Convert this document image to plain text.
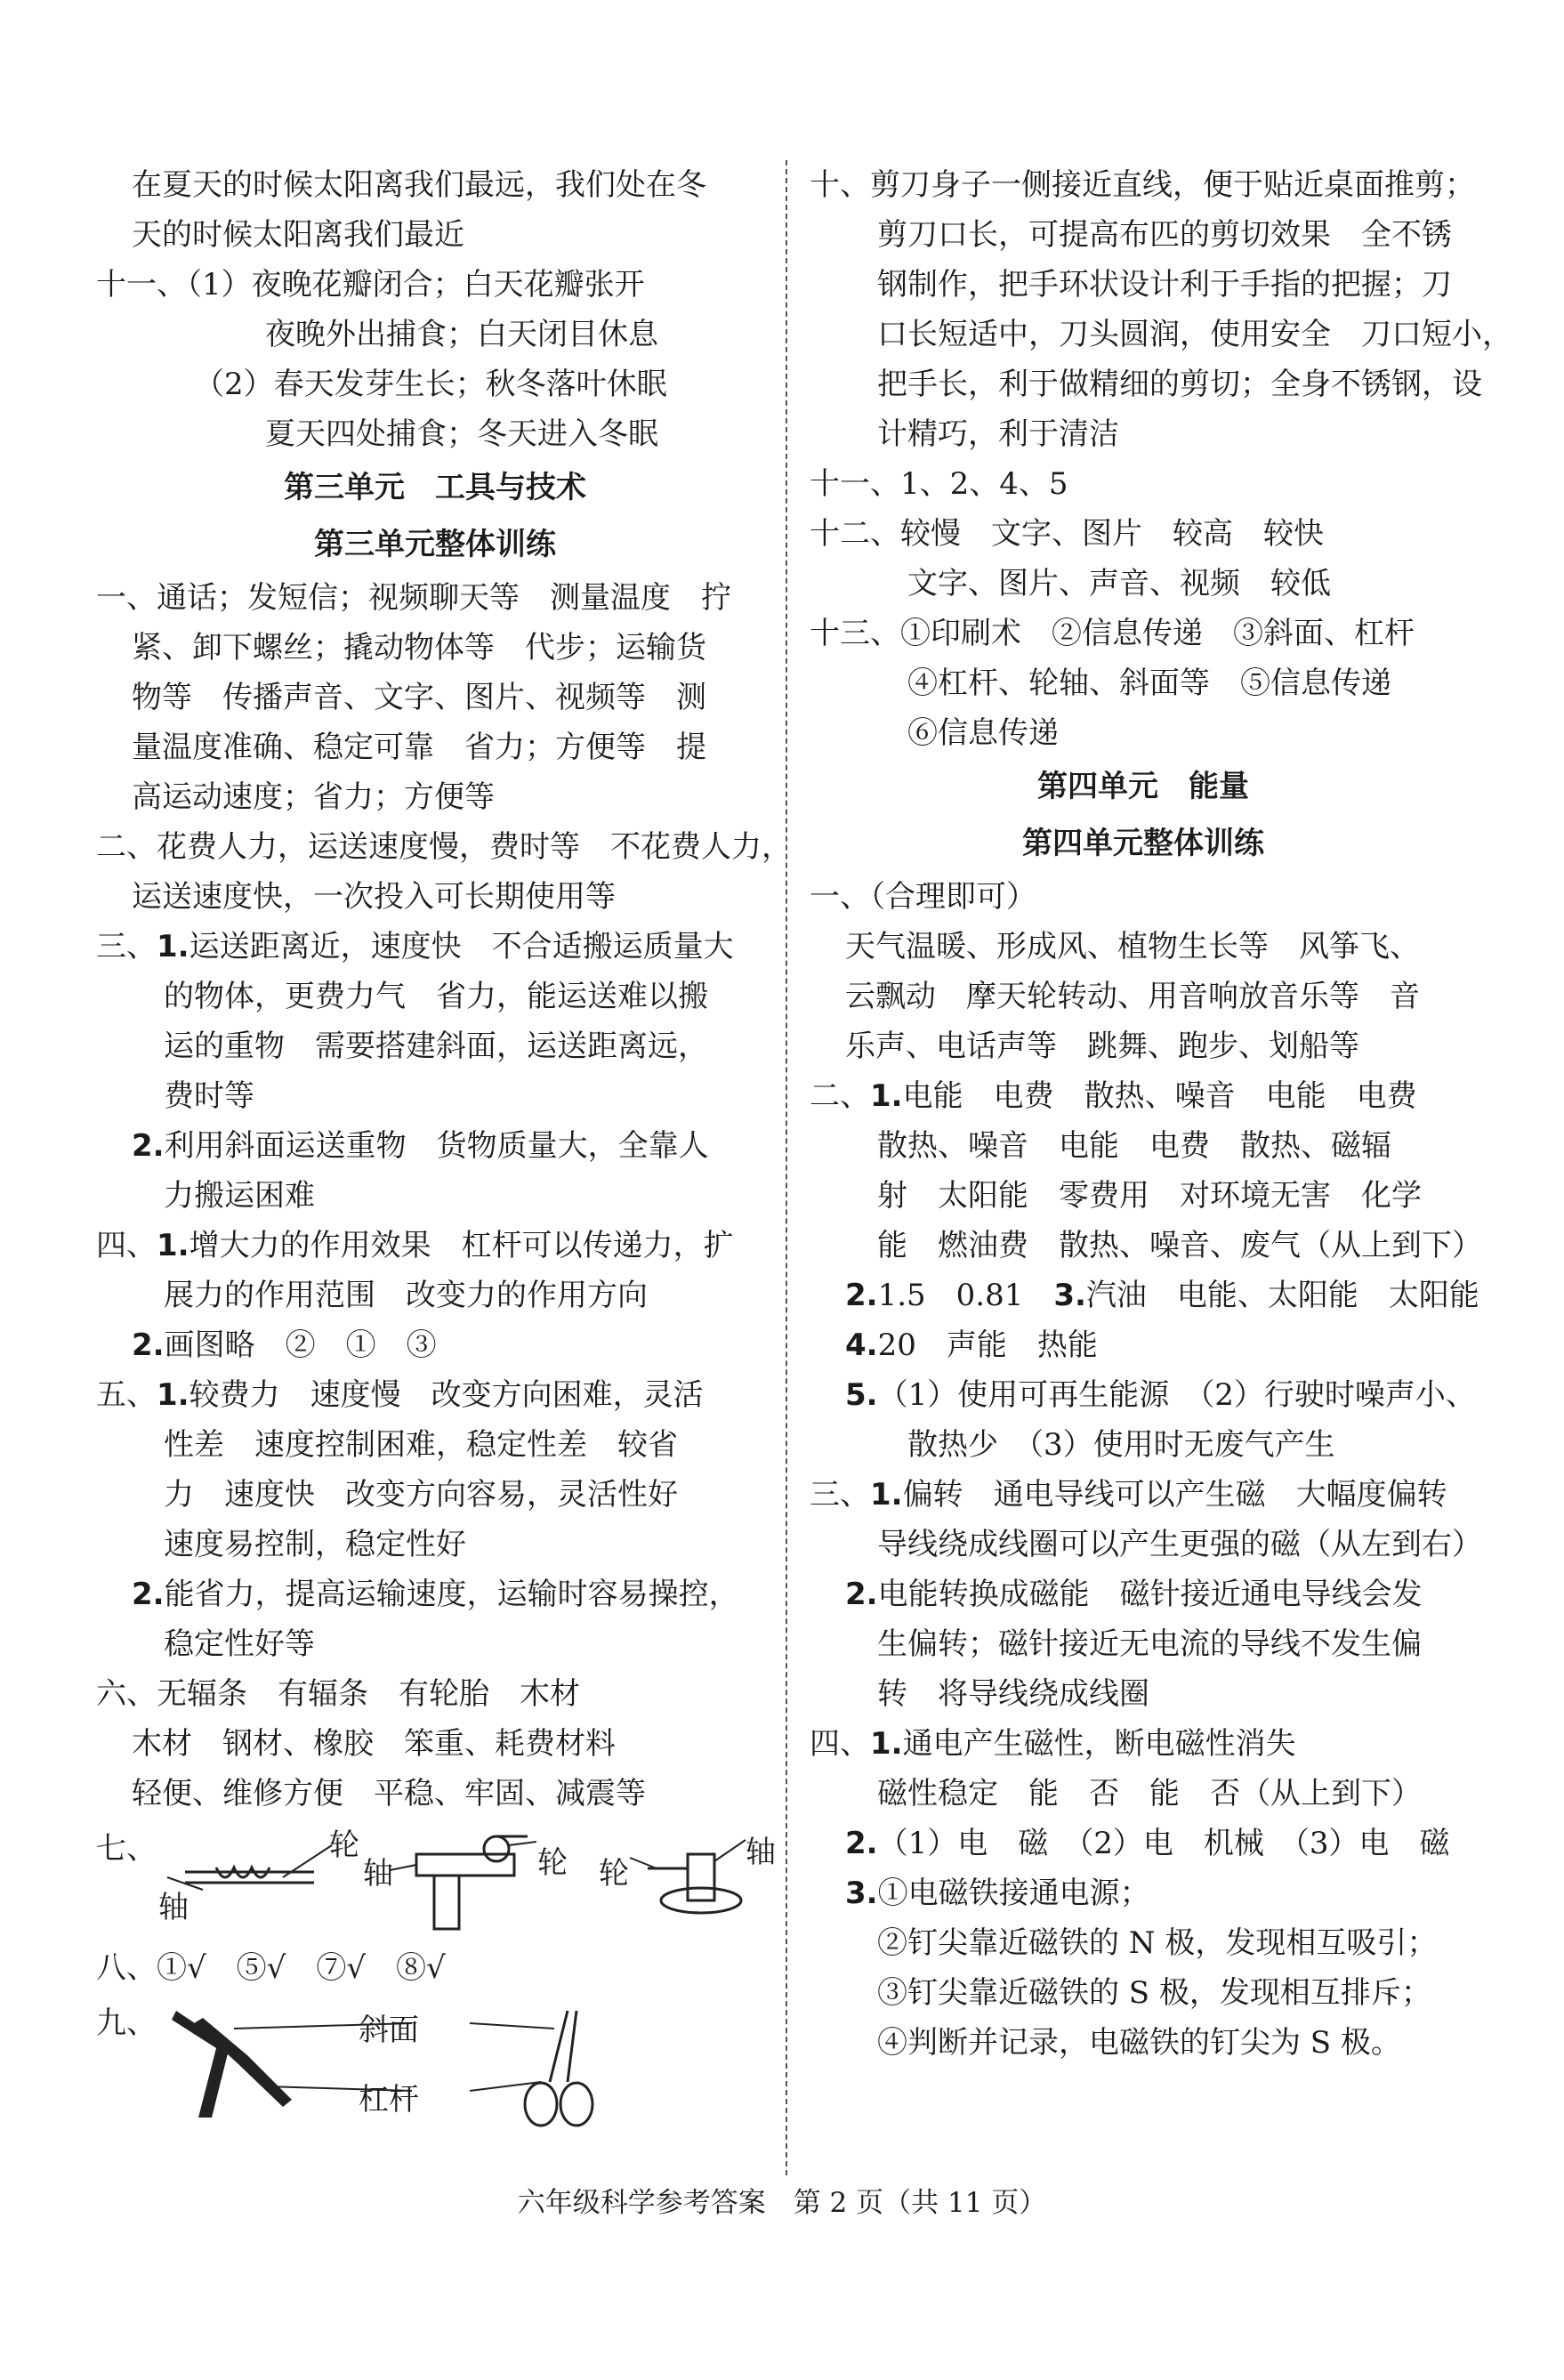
在夏天的时候太阳离我们最远，我们处在冬
天的时候太阳离我们最近
十一、（1）夜晚花瓣闭合；白天花瓣张开
夜晚外出捕食；白天闭目休息
（2）春天发芽生长；秋冬落叶休眠
夏天四处捕食；冬天进入冬眠
第三单元　工具与技术
第三单元整体训练
一、通话；发短信；视频聊天等　测量温度　拧
紧、卸下螺丝；撬动物体等　代步；运输货
物等　传播声音、文字、图片、视频等　测
量温度准确、稳定可靠　省力；方便等　提
高运动速度；省力；方便等
二、花费人力，运送速度慢，费时等　不花费人力，
运送速度快，一次投入可长期使用等
三、1.运送距离近，速度快　不合适搬运质量大
的物体，更费力气　省力，能运送难以搬
运的重物　需要搭建斜面，运送距离远，
费时等
2.利用斜面运送重物　货物质量大，全靠人
力搬运困难
四、1.增大力的作用效果　杠杆可以传递力，扩
展力的作用范围　改变力的作用方向
2.画图略　②　①　③
五、1.较费力　速度慢　改变方向困难，灵活
性差　速度控制困难，稳定性差　较省
力　速度快　改变方向容易，灵活性好
速度易控制，稳定性好
2.能省力，提高运输速度，运输时容易操控，
稳定性好等
六、无辐条　有辐条　有轮胎　木材
木材　钢材、橡胶　笨重、耗费材料
轻便、维修方便　平稳、牢固、减震等
七、	轮
轴
轴	轮 轮
轴
八、①√　⑤√　⑦√　⑧√
九、	斜面
杠杆
十、剪刀身子一侧接近直线，便于贴近桌面推剪；
剪刀口长，可提高布匹的剪切效果　全不锈
钢制作，把手环状设计利于手指的把握；刀
口长短适中，刀头圆润，使用安全　刀口短小，
把手长，利于做精细的剪切；全身不锈钢，设
计精巧，利于清洁
十一、1、2、4、5
十二、较慢　文字、图片　较高　较快
文字、图片、声音、视频　较低
十三、①印刷术　②信息传递　③斜面、杠杆
④杠杆、轮轴、斜面等　⑤信息传递
⑥信息传递
第四单元　能量
第四单元整体训练
一、（合理即可）
天气温暖、形成风、植物生长等　风筝飞、
云飘动　摩天轮转动、用音响放音乐等　音
乐声、电话声等　跳舞、跑步、划船等
二、1.电能　电费　散热、噪音　电能　电费
散热、噪音　电能　电费　散热、磁辐
射　太阳能　零费用　对环境无害　化学
能　燃油费　散热、噪音、废气（从上到下）
2.1.5　0.81　 3.汽油　电能、太阳能　太阳能
4.20　声能　热能
5.（1）使用可再生能源　（2）行驶时噪声小、
散热少　（3）使用时无废气产生
三、1.偏转　通电导线可以产生磁　大幅度偏转
导线绕成线圈可以产生更强的磁（从左到右）
2.电能转换成磁能　磁针接近通电导线会发
生偏转；磁针接近无电流的导线不发生偏
转　将导线绕成线圈
四、1.通电产生磁性，断电磁性消失
磁性稳定　能　否　能　否（从上到下）
2.（1）电　磁　（2）电　机械　（3）电　磁
3.①电磁铁接通电源；
②钉尖靠近磁铁的 N 极，发现相互吸引；
③钉尖靠近磁铁的 S 极，发现相互排斥；
④判断并记录，电磁铁的钉尖为 S 极。
六年级科学参考答案　第 2 页（共 11 页）
